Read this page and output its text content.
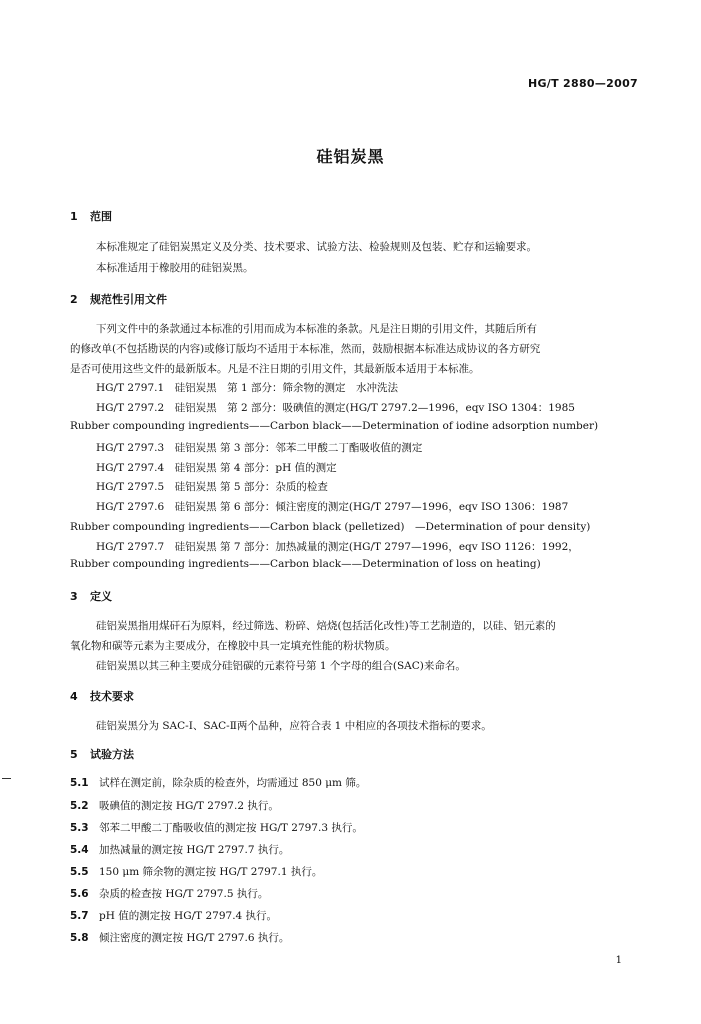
HG/T 2880—2007
硅铝炭黑
1 范围
本标准规定了硅铝炭黑定义及分类、技术要求、试验方法、检验规则及包装、贮存和运输要求。
本标准适用于橡胶用的硅铝炭黑。
2 规范性引用文件
下列文件中的条款通过本标准的引用而成为本标准的条款。凡是注日期的引用文件，其随后所有
的修改单(不包括勘误的内容)或修订版均不适用于本标准，然而，鼓励根据本标准达成协议的各方研究
是否可使用这些文件的最新版本。凡是不注日期的引用文件，其最新版本适用于本标准。
HG/T 2797.1　硅铝炭黑　第 1 部分：筛余物的测定　水冲洗法
HG/T 2797.2　硅铝炭黑　第 2 部分：吸碘值的测定(HG/T 2797.2—1996，eqv ISO 1304：1985
Rubber compounding ingredients——Carbon black——Determination of iodine adsorption number)
HG/T 2797.3　硅铝炭黑 第 3 部分：邻苯二甲酸二丁酯吸收值的测定
HG/T 2797.4　硅铝炭黑 第 4 部分：pH 值的测定
HG/T 2797.5　硅铝炭黑 第 5 部分：杂质的检查
HG/T 2797.6　硅铝炭黑 第 6 部分：倾注密度的测定(HG/T 2797—1996，eqv ISO 1306：1987
Rubber compounding ingredients——Carbon black (pelletized)　—Determination of pour density)
HG/T 2797.7　硅铝炭黑 第 7 部分：加热减量的测定(HG/T 2797—1996，eqv ISO 1126：1992，
Rubber compounding ingredients——Carbon black——Determination of loss on heating)
3 定义
硅铝炭黑指用煤矸石为原料，经过筛选、粉碎、焙烧(包括活化改性)等工艺制造的，以硅、铝元素的
氧化物和碳等元素为主要成分，在橡胶中具一定填充性能的粉状物质。
硅铝炭黑以其三种主要成分硅铝碳的元素符号第 1 个字母的组合(SAC)来命名。
4 技术要求
硅铝炭黑分为 SAC-Ⅰ、SAC-Ⅱ两个品种，应符合表 1 中相应的各项技术指标的要求。
5 试验方法
5.1 试样在测定前，除杂质的检查外，均需通过 850 μm 筛。
5.2 吸碘值的测定按 HG/T 2797.2 执行。
5.3 邻苯二甲酸二丁酯吸收值的测定按 HG/T 2797.3 执行。
5.4 加热减量的测定按 HG/T 2797.7 执行。
5.5 150 μm 筛余物的测定按 HG/T 2797.1 执行。
5.6 杂质的检查按 HG/T 2797.5 执行。
5.7 pH 值的测定按 HG/T 2797.4 执行。
5.8 倾注密度的测定按 HG/T 2797.6 执行。
1
